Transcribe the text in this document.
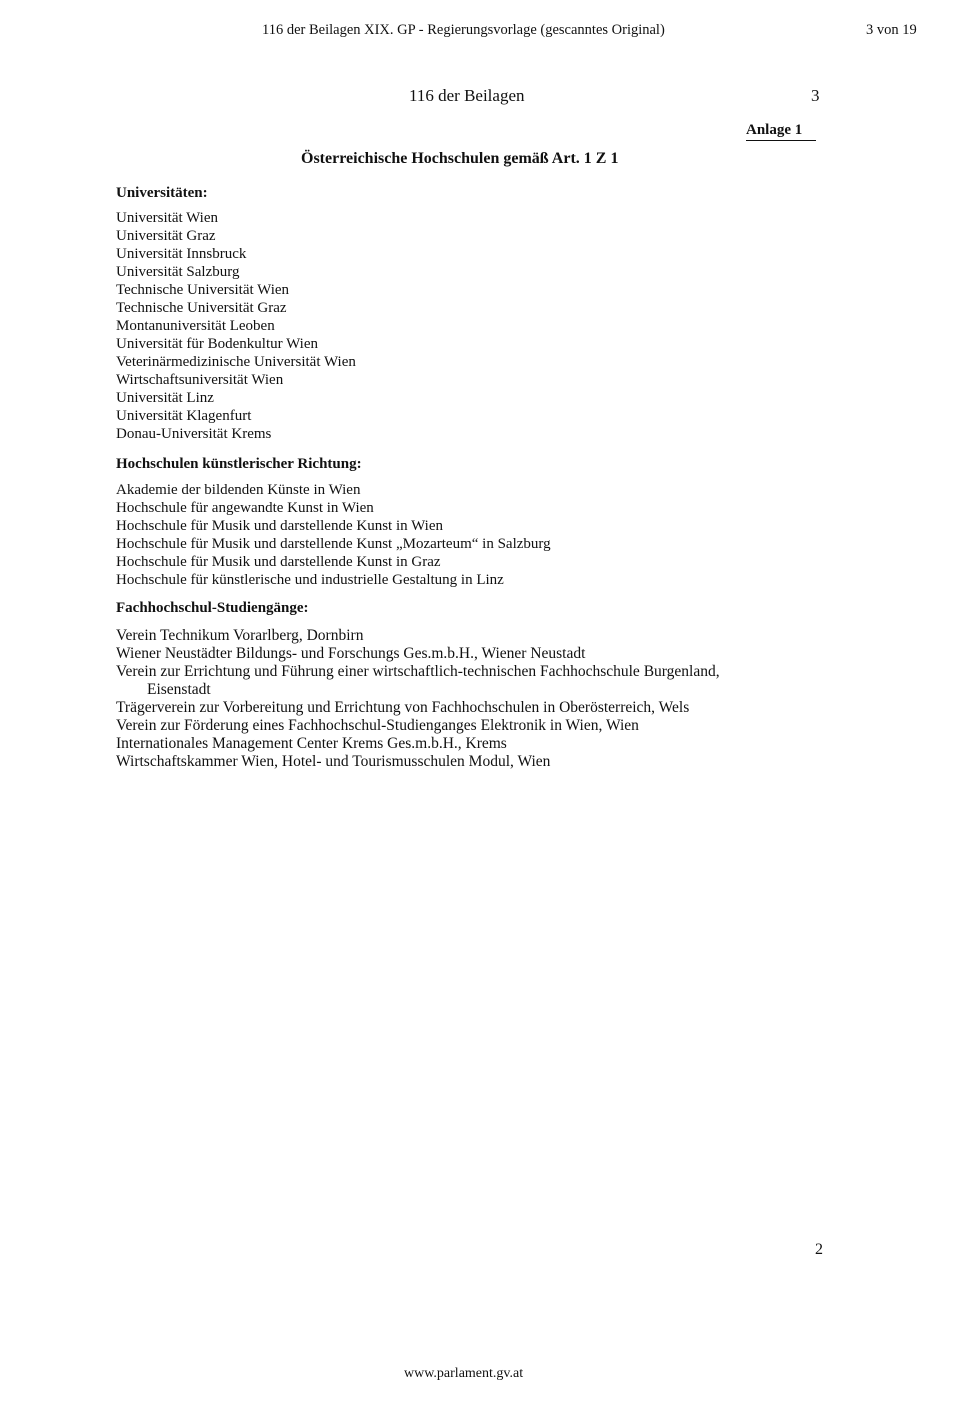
116 der Beilagen XIX. GP - Regierungsvorlage (gescanntes Original)	3 von 19
116 der Beilagen	3
Anlage 1
Österreichische Hochschulen gemäß Art. 1 Z 1
Universitäten:
Universität Wien
Universität Graz
Universität Innsbruck
Universität Salzburg
Technische Universität Wien
Technische Universität Graz
Montanuniversität Leoben
Universität für Bodenkultur Wien
Veterinärmedizinische Universität Wien
Wirtschaftsuniversität Wien
Universität Linz
Universität Klagenfurt
Donau-Universität Krems
Hochschulen künstlerischer Richtung:
Akademie der bildenden Künste in Wien
Hochschule für angewandte Kunst in Wien
Hochschule für Musik und darstellende Kunst in Wien
Hochschule für Musik und darstellende Kunst „Mozarteum“ in Salzburg
Hochschule für Musik und darstellende Kunst in Graz
Hochschule für künstlerische und industrielle Gestaltung in Linz
Fachhochschul-Studiengänge:
Verein Technikum Vorarlberg, Dornbirn
Wiener Neustädter Bildungs- und Forschungs Ges.m.b.H., Wiener Neustadt
Verein zur Errichtung und Führung einer wirtschaftlich-technischen Fachhochschule Burgenland,
Eisenstadt
Trägerverein zur Vorbereitung und Errichtung von Fachhochschulen in Oberösterreich, Wels
Verein zur Förderung eines Fachhochschul-Studienganges Elektronik in Wien, Wien
Internationales Management Center Krems Ges.m.b.H., Krems
Wirtschaftskammer Wien, Hotel- und Tourismusschulen Modul, Wien
2
www.parlament.gv.at
